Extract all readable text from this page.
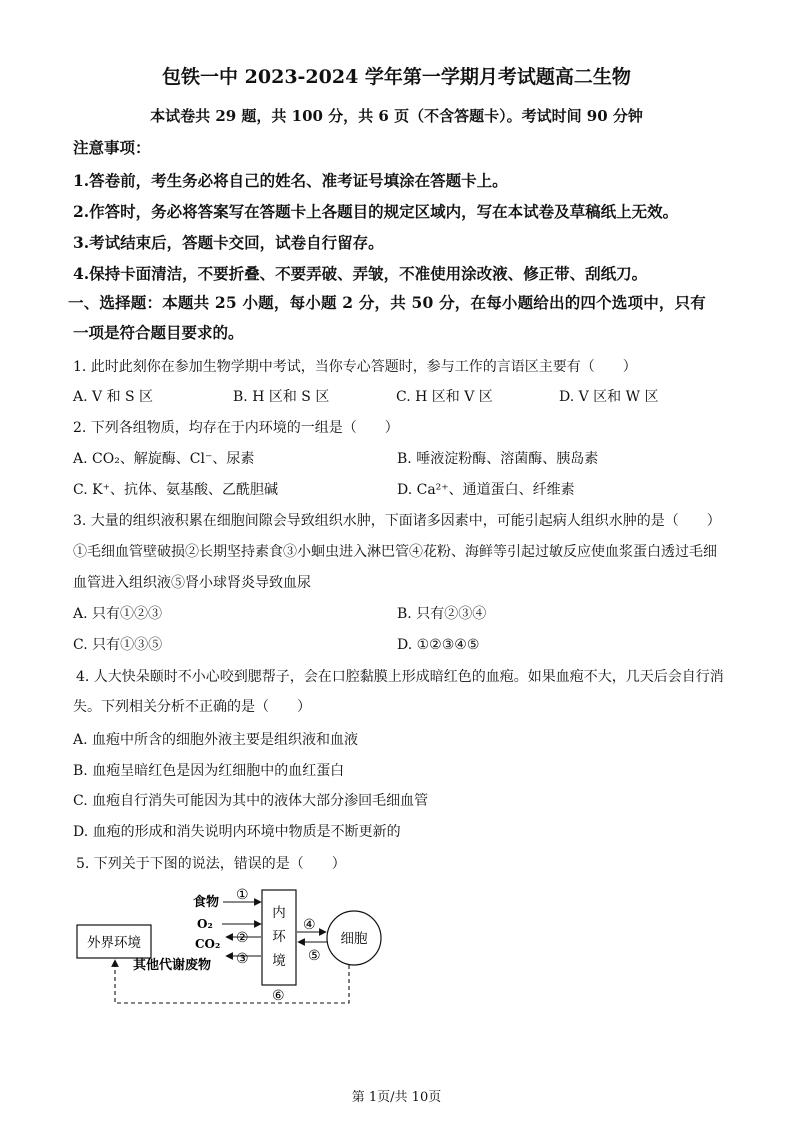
包铁一中 2023-2024 学年第一学期月考试题高二生物
本试卷共 29 题，共 100 分，共 6 页（不含答题卡）。考试时间 90 分钟
注意事项：
1.答卷前，考生务必将自己的姓名、准考证号填涂在答题卡上。
2.作答时，务必将答案写在答题卡上各题目的规定区域内，写在本试卷及草稿纸上无效。
3.考试结束后，答题卡交回，试卷自行留存。
4.保持卡面清洁，不要折叠、不要弄破、弄皱，不准使用涂改液、修正带、刮纸刀。
一、选择题：本题共 25 小题，每小题 2 分，共 50 分，在每小题给出的四个选项中，只有
一项是符合题目要求的。
1. 此时此刻你在参加生物学期中考试，当你专心答题时，参与工作的言语区主要有（　　）
A. V 和 S 区	B. H 区和 S 区	C. H 区和 V 区	D. V 区和 W 区
2. 下列各组物质，均存在于内环境的一组是（　　）
A. CO₂、解旋酶、Cl⁻、尿素	B. 唾液淀粉酶、溶菌酶、胰岛素
C. K⁺、抗体、氨基酸、乙酰胆碱	D. Ca²⁺、通道蛋白、纤维素
3. 大量的组织液积累在细胞间隙会导致组织水肿，下面诸多因素中，可能引起病人组织水肿的是（　　）
①毛细血管壁破损②长期坚持素食③小蛔虫进入淋巴管④花粉、海鲜等引起过敏反应使血浆蛋白透过毛细
血管进入组织液⑤肾小球肾炎导致血尿
A. 只有①②③	B. 只有②③④
C. 只有①③⑤	D. ①②③④⑤
4. 人大快朵颐时不小心咬到腮帮子，会在口腔黏膜上形成暗红色的血疱。如果血疱不大，几天后会自行消
失。下列相关分析不正确的是（　　）
A. 血疱中所含的细胞外液主要是组织液和血液
B. 血疱呈暗红色是因为红细胞中的血红蛋白
C. 血疱自行消失可能因为其中的液体大部分渗回毛细血管
D. 血疱的形成和消失说明内环境中物质是不断更新的
5. 下列关于下图的说法，错误的是（　　）
外界环境
内
环
境
细胞
食物 ①
O₂
CO₂ ②
其他代谢废物 ③
④
⑤
⑥
第 1页/共 10页
